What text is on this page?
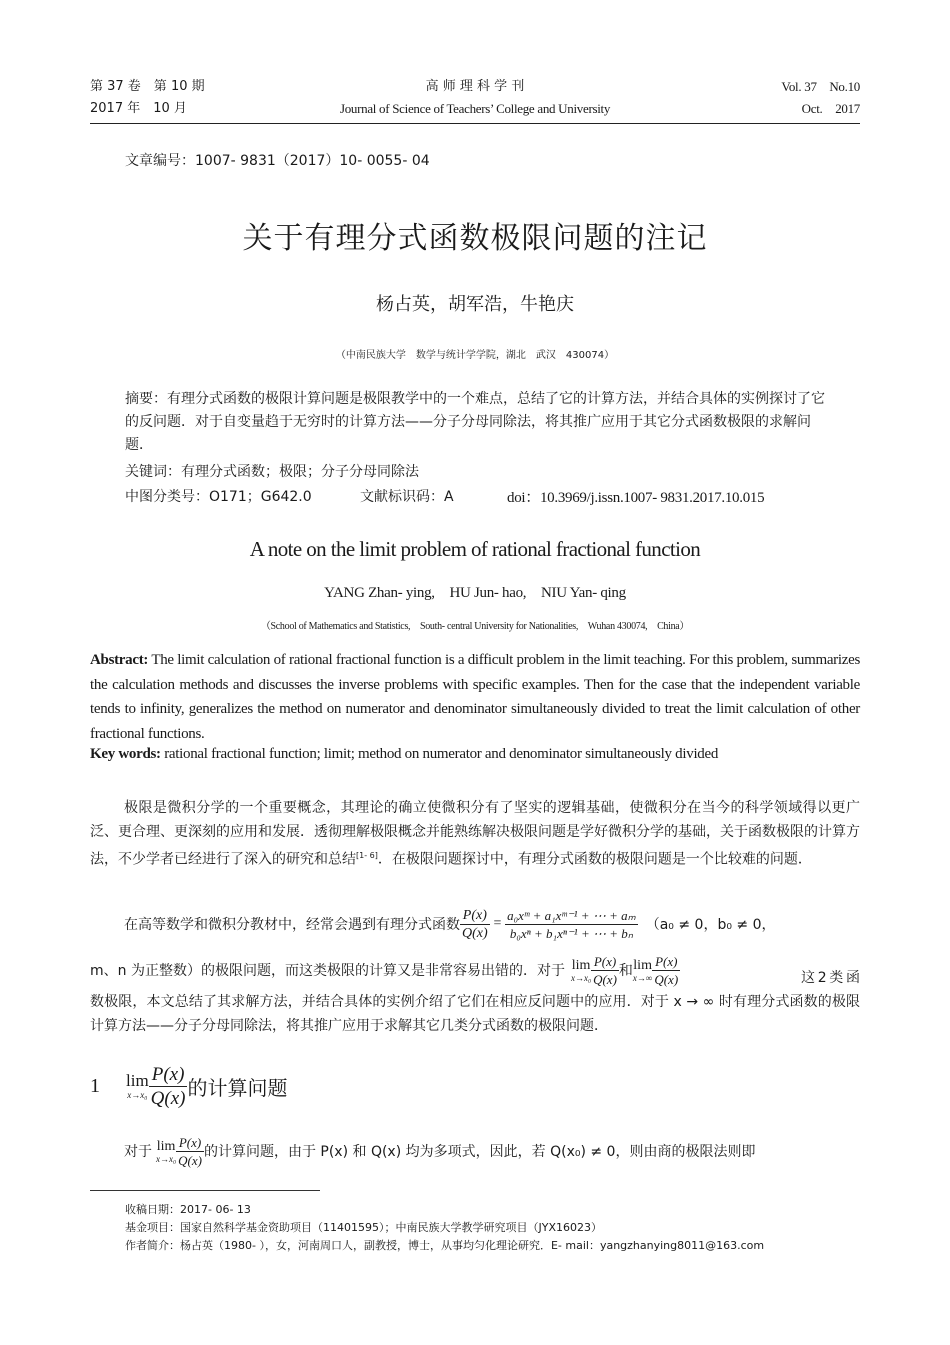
第 37 卷　第 10 期
2017 年　10 月
高 师 理 科 学 刊
Journal of Science of Teachers’ College and University
Vol. 37　No.10
Oct.　2017
文章编号：1007- 9831（2017）10- 0055- 04
关于有理分式函数极限问题的注记
杨占英，胡军浩，牛艳庆
（中南民族大学　数学与统计学学院，湖北　武汉　430074）
摘要：有理分式函数的极限计算问题是极限教学中的一个难点，总结了它的计算方法，并结合具体的实例探讨了它的反问题．对于自变量趋于无穷时的计算方法——分子分母同除法，将其推广应用于其它分式函数极限的求解问题．
关键词：有理分式函数；极限；分子分母同除法
中图分类号：O171；G642.0	文献标识码：A	doi：10.3969/j.issn.1007- 9831.2017.10.015
A note on the limit problem of rational fractional function
YANG Zhan- ying,　HU Jun- hao,　NIU Yan- qing
（School of Mathematics and Statistics,　South- central University for Nationalities,　Wuhan 430074,　China）
Abstract: The limit calculation of rational fractional function is a difficult problem in the limit teaching. For this problem, summarizes the calculation methods and discusses the inverse problems with specific examples. Then for the case that the independent variable tends to infinity, generalizes the method on numerator and denominator simultaneously divided to treat the limit calculation of other fractional functions.
Key words: rational fractional function; limit; method on numerator and denominator simultaneously divided
极限是微积分学的一个重要概念，其理论的确立使微积分有了坚实的逻辑基础，使微积分在当今的科学领域得以更广泛、更合理、更深刻的应用和发展．透彻理解极限概念并能熟练解决极限问题是学好微积分学的基础，关于函数极限的计算方法，不少学者已经进行了深入的研究和总结[1- 6]．在极限问题探讨中，有理分式函数的极限问题是一个比较难的问题．
在高等数学和微积分教材中，经常会遇到有理分式函数 $\frac{P(x)}{Q(x)} = \frac{\text{a₀xᵐ + a₁xᵐ⁻¹ + ⋯ + aₘ}}{\text{b₀xⁿ + b₁xⁿ⁻¹ + ⋯ + bₙ}} (a_0 \ne 0$，b₀ ≠ 0，
m、n 为正整数）的极限问题，而这类极限的计算又是非常容易出错的．对于 lim
$x\to x_0 \frac{P(x)}{Q(x)}$ 和 lim
$x\to\infty \frac{P(x)}{Q(x)}$	这2类函数极限，本文总结了其求解方法，并结合具体的实例介绍了它们在相应反问题中的应用．对于 x → ∞ 时有理分式函数的极限计算方法——分子分母同除法，将其推广应用于求解其它几类分式函数的极限问题．
1	lim
$x\to x_0 \frac{P(x)}{Q(x)}$ 的计算问题
对于 lim
$x\to x_0 \frac{P(x)}{Q(x)}$ 的计算问题，由于 P(x) 和 Q(x) 均为多项式，因此，若 Q(x₀) ≠ 0，则由商的极限法则即
收稿日期：2017- 06- 13
基金项目：国家自然科学基金资助项目（11401595）；中南民族大学教学研究项目（JYX16023）
作者简介：杨占英（1980- ），女，河南周口人，副教授，博士，从事均匀化理论研究．E- mail：yangzhanying8011@163.com
